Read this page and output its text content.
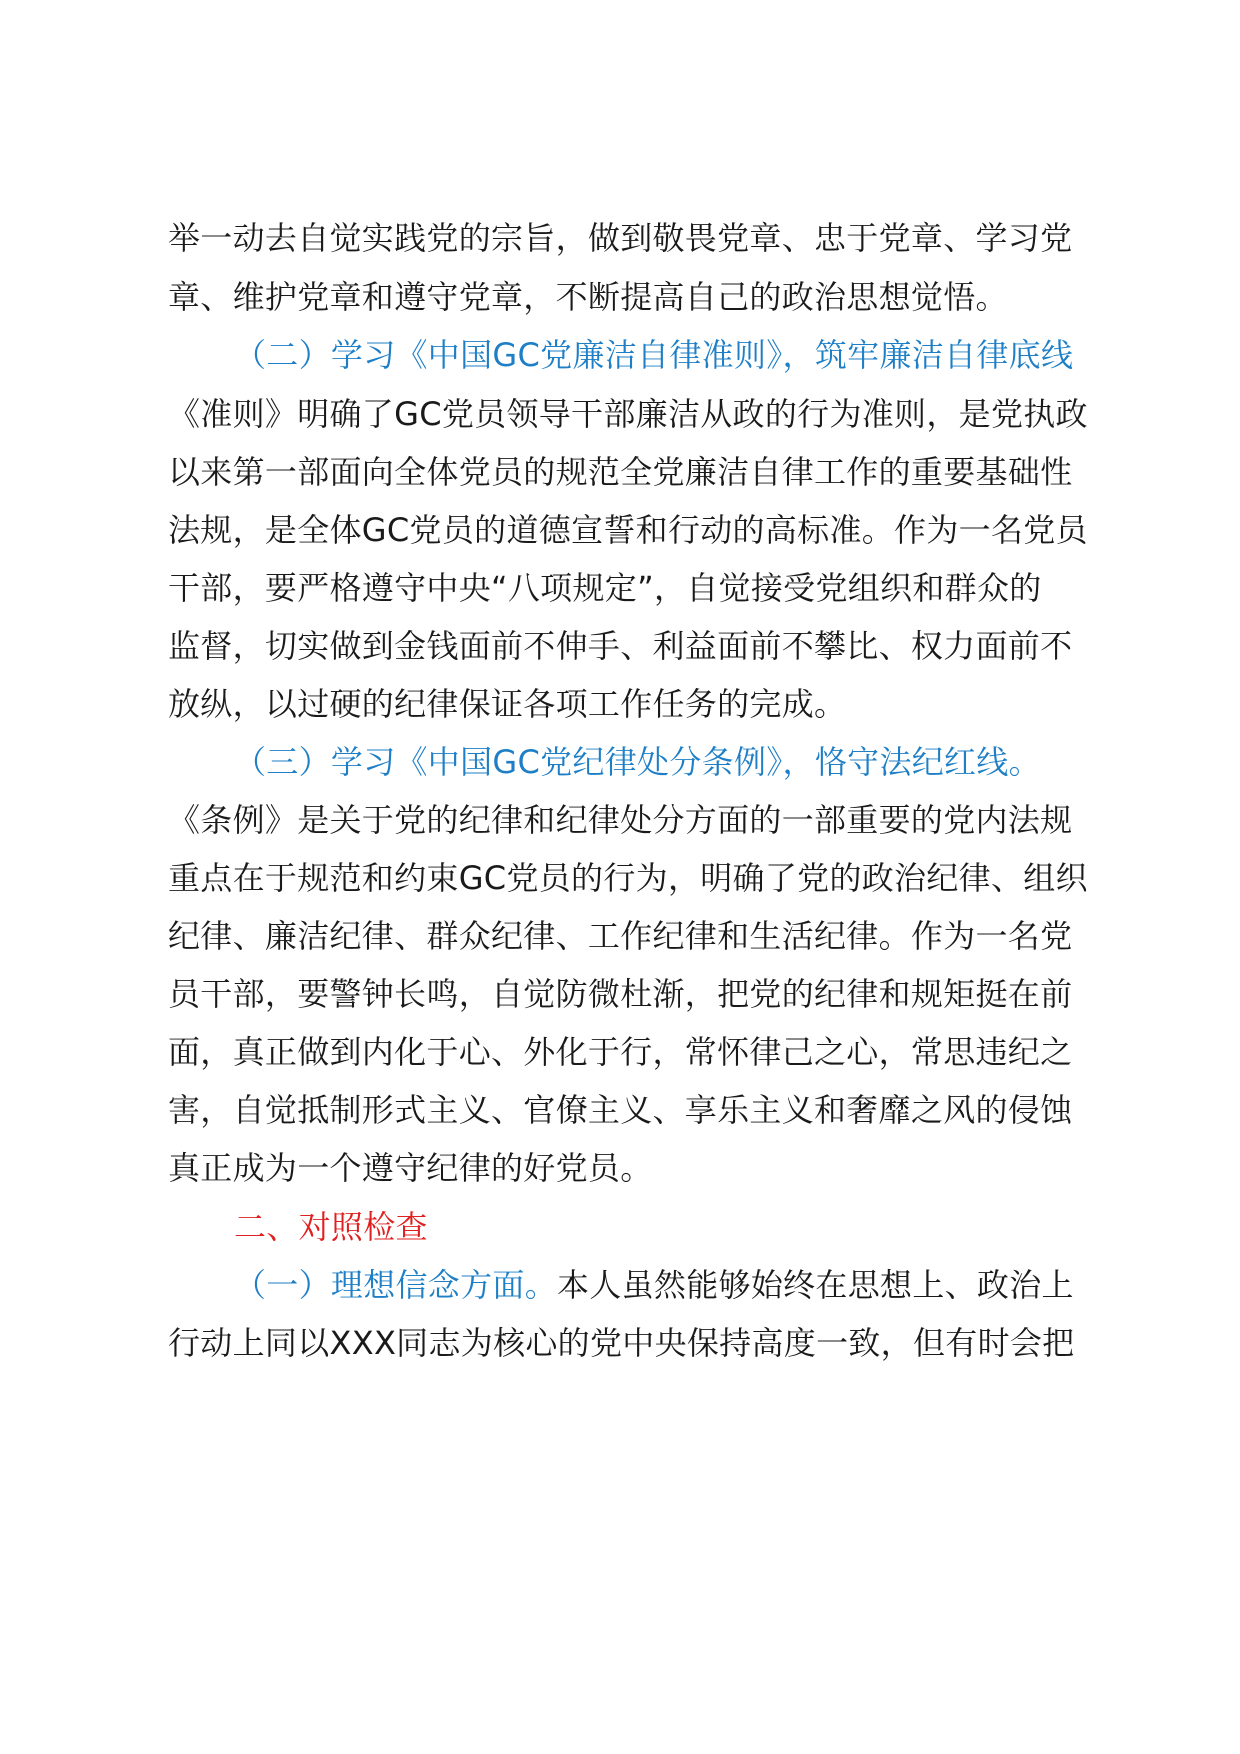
举一动去自觉实践党的宗旨，做到敬畏党章、忠于党章、学习党

章、维护党章和遵守党章，不断提高自己的政治思想觉悟。

（二）学习《中国GC党廉洁自律准则》，筑牢廉洁自律底线

《准则》明确了GC党员领导干部廉洁从政的行为准则，是党执政

以来第一部面向全体党员的规范全党廉洁自律工作的重要基础性

法规，是全体GC党员的道德宣誓和行动的高标准。作为一名党员

干部，要严格遵守中央“八项规定”，自觉接受党组织和群众的

监督，切实做到金钱面前不伸手、利益面前不攀比、权力面前不

放纵，以过硬的纪律保证各项工作任务的完成。

（三）学习《中国GC党纪律处分条例》，恪守法纪红线。

《条例》是关于党的纪律和纪律处分方面的一部重要的党内法规

重点在于规范和约束GC党员的行为，明确了党的政治纪律、组织

纪律、廉洁纪律、群众纪律、工作纪律和生活纪律。作为一名党

员干部，要警钟长鸣，自觉防微杜渐，把党的纪律和规矩挺在前

面，真正做到内化于心、外化于行，常怀律己之心，常思违纪之

害，自觉抵制形式主义、官僚主义、享乐主义和奢靡之风的侵蚀

真正成为一个遵守纪律的好党员。

二、对照检查

（一）理想信念方面。本人虽然能够始终在思想上、政治上

行动上同以XXX同志为核心的党中央保持高度一致，但有时会把
